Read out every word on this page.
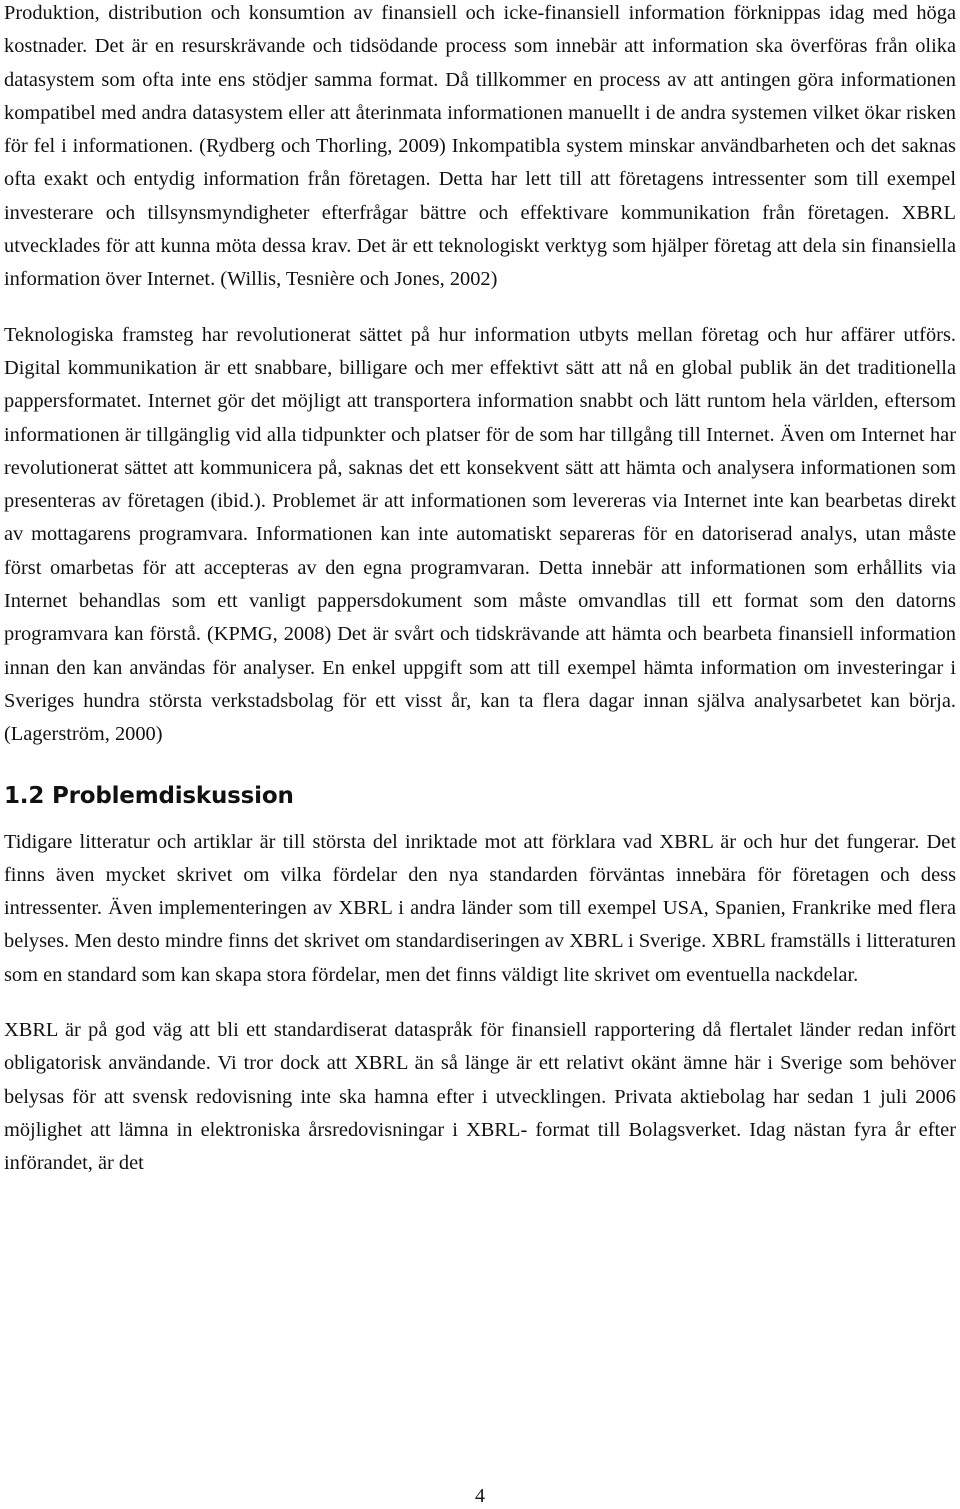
Produktion, distribution och konsumtion av finansiell och icke-finansiell information förknippas idag med höga kostnader. Det är en resurskrävande och tidsödande process som innebär att information ska överföras från olika datasystem som ofta inte ens stödjer samma format. Då tillkommer en process av att antingen göra informationen kompatibel med andra datasystem eller att återinmata informationen manuellt i de andra systemen vilket ökar risken för fel i informationen. (Rydberg och Thorling, 2009) Inkompatibla system minskar användbarheten och det saknas ofta exakt och entydig information från företagen. Detta har lett till att företagens intressenter som till exempel investerare och tillsynsmyndigheter efterfrågar bättre och effektivare kommunikation från företagen. XBRL utvecklades för att kunna möta dessa krav. Det är ett teknologiskt verktyg som hjälper företag att dela sin finansiella information över Internet. (Willis, Tesnière och Jones, 2002)

Teknologiska framsteg har revolutionerat sättet på hur information utbyts mellan företag och hur affärer utförs. Digital kommunikation är ett snabbare, billigare och mer effektivt sätt att nå en global publik än det traditionella pappersformatet. Internet gör det möjligt att transportera information snabbt och lätt runtom hela världen, eftersom informationen är tillgänglig vid alla tidpunkter och platser för de som har tillgång till Internet. Även om Internet har revolutionerat sättet att kommunicera på, saknas det ett konsekvent sätt att hämta och analysera informationen som presenteras av företagen (ibid.). Problemet är att informationen som levereras via Internet inte kan bearbetas direkt av mottagarens programvara. Informationen kan inte automatiskt separeras för en datoriserad analys, utan måste först omarbetas för att accepteras av den egna programvaran. Detta innebär att informationen som erhållits via Internet behandlas som ett vanligt pappersdokument som måste omvandlas till ett format som den datorns programvara kan förstå. (KPMG, 2008) Det är svårt och tidskrävande att hämta och bearbeta finansiell information innan den kan användas för analyser. En enkel uppgift som att till exempel hämta information om investeringar i Sveriges hundra största verkstadsbolag för ett visst år, kan ta flera dagar innan själva analysarbetet kan börja. (Lagerström, 2000)

1.2 Problemdiskussion

Tidigare litteratur och artiklar är till största del inriktade mot att förklara vad XBRL är och hur det fungerar. Det finns även mycket skrivet om vilka fördelar den nya standarden förväntas innebära för företagen och dess intressenter. Även implementeringen av XBRL i andra länder som till exempel USA, Spanien, Frankrike med flera belyses. Men desto mindre finns det skrivet om standardiseringen av XBRL i Sverige. XBRL framställs i litteraturen som en standard som kan skapa stora fördelar, men det finns väldigt lite skrivet om eventuella nackdelar.

XBRL är på god väg att bli ett standardiserat dataspråk för finansiell rapportering då flertalet länder redan infört obligatorisk användande. Vi tror dock att XBRL än så länge är ett relativt okänt ämne här i Sverige som behöver belysas för att svensk redovisning inte ska hamna efter i utvecklingen. Privata aktiebolag har sedan 1 juli 2006 möjlighet att lämna in elektroniska årsredovisningar i XBRL- format till Bolagsverket. Idag nästan fyra år efter införandet, är det

4
